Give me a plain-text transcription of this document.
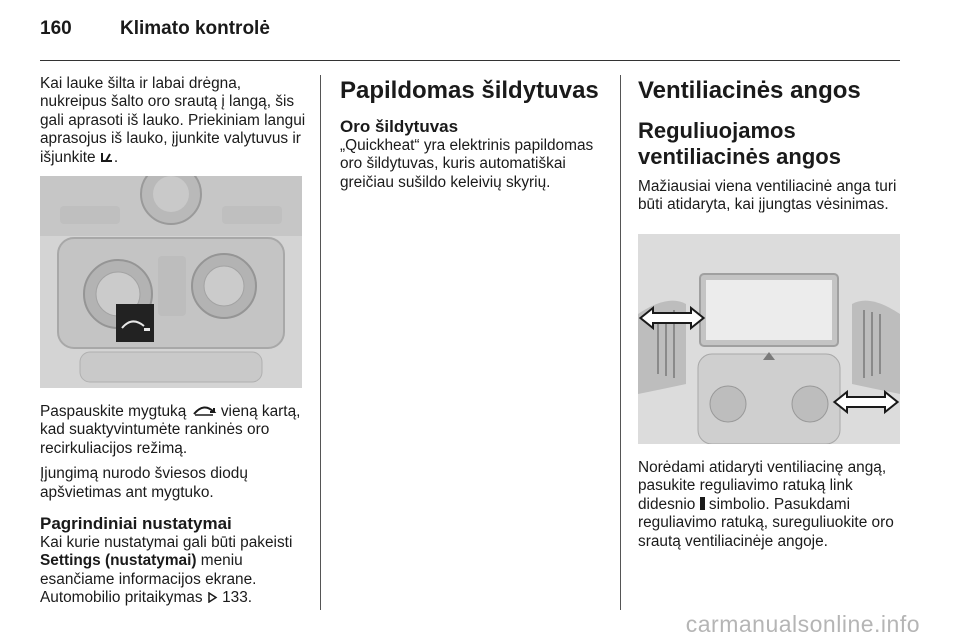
160	Klimato kontrolė

Kai lauke šilta ir labai drėgna, nukreipus šalto oro srautą į langą, šis gali aprasoti iš lauko. Priekiniam langui aprasojus iš lauko, įjunkite valytuvus ir išjunkite .

Paspauskite mygtuką vieną kartą, kad suaktyvintumėte rankinės oro recirkuliacijos režimą.

Įjungimą nurodo šviesos diodų apšvietimas ant mygtuko.

Pagrindiniai nustatymai

Kai kurie nustatymai gali būti pakeisti Settings (nustatymai) meniu esančiame informacijos ekrane. Automobilio pritaikymas 133.

Papildomas šildytuvas
Oro šildytuvas

„Quickheat“ yra elektrinis papildomas oro šildytuvas, kuris automatiškai greičiau sušildo keleivių skyrių.

Ventiliacinės angos
Reguliuojamos ventiliacinės angos

Mažiausiai viena ventiliacinė anga turi būti atidaryta, kai įjungtas vėsinimas.

Norėdami atidaryti ventiliacinę angą, pasukite reguliavimo ratuką link didesnio simbolio. Pasukdami reguliavimo ratuką, sureguliuokite oro srautą ventiliacinėje angoje.

carmanualsonline.info
